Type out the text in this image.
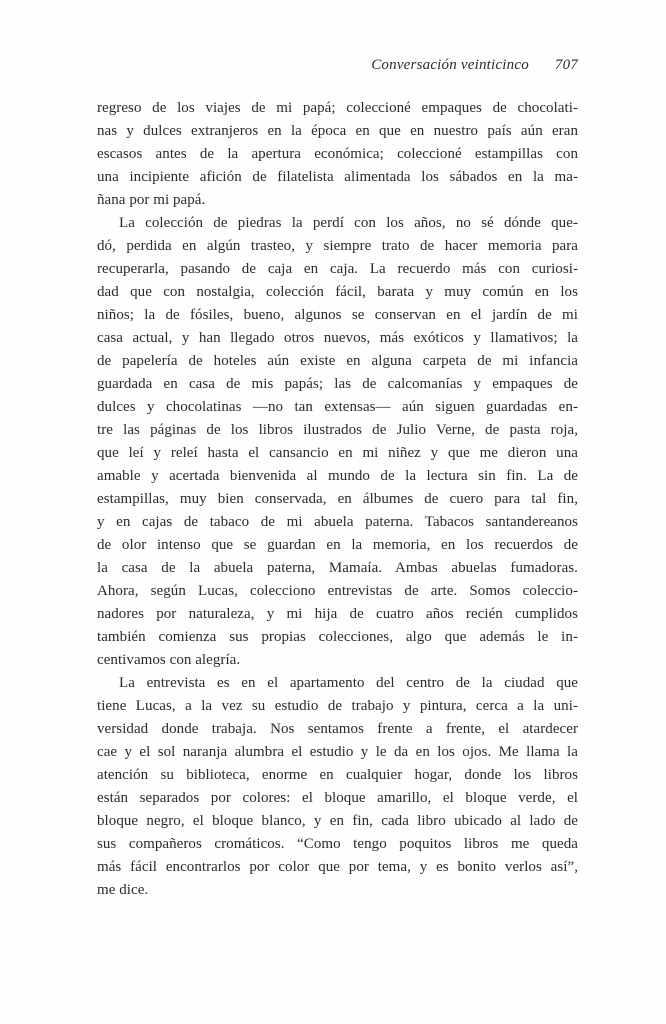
Conversación veinticinco 707
regreso de los viajes de mi papá; coleccioné empaques de chocolati-
nas y dulces extranjeros en la época en que en nuestro país aún eran
escasos antes de la apertura económica; coleccioné estampillas con
una incipiente afición de filatelista alimentada los sábados en la ma-
ñana por mi papá.
La colección de piedras la perdí con los años, no sé dónde que-
dó, perdida en algún trasteo, y siempre trato de hacer memoria para
recuperarla, pasando de caja en caja. La recuerdo más con curiosi-
dad que con nostalgia, colección fácil, barata y muy común en los
niños; la de fósiles, bueno, algunos se conservan en el jardín de mi
casa actual, y han llegado otros nuevos, más exóticos y llamativos; la
de papelería de hoteles aún existe en alguna carpeta de mi infancia
guardada en casa de mis papás; las de calcomanías y empaques de
dulces y chocolatinas —no tan extensas— aún siguen guardadas en-
tre las páginas de los libros ilustrados de Julio Verne, de pasta roja,
que leí y releí hasta el cansancio en mi niñez y que me dieron una
amable y acertada bienvenida al mundo de la lectura sin fin. La de
estampillas, muy bien conservada, en álbumes de cuero para tal fin,
y en cajas de tabaco de mi abuela paterna. Tabacos santandereanos
de olor intenso que se guardan en la memoria, en los recuerdos de
la casa de la abuela paterna, Mamaía. Ambas abuelas fumadoras.
Ahora, según Lucas, colecciono entrevistas de arte. Somos coleccio-
nadores por naturaleza, y mi hija de cuatro años recién cumplidos
también comienza sus propias colecciones, algo que además le in-
centivamos con alegría.
La entrevista es en el apartamento del centro de la ciudad que
tiene Lucas, a la vez su estudio de trabajo y pintura, cerca a la uni-
versidad donde trabaja. Nos sentamos frente a frente, el atardecer
cae y el sol naranja alumbra el estudio y le da en los ojos. Me llama la
atención su biblioteca, enorme en cualquier hogar, donde los libros
están separados por colores: el bloque amarillo, el bloque verde, el
bloque negro, el bloque blanco, y en fin, cada libro ubicado al lado de
sus compañeros cromáticos. “Como tengo poquitos libros me queda
más fácil encontrarlos por color que por tema, y es bonito verlos así”,
me dice.
